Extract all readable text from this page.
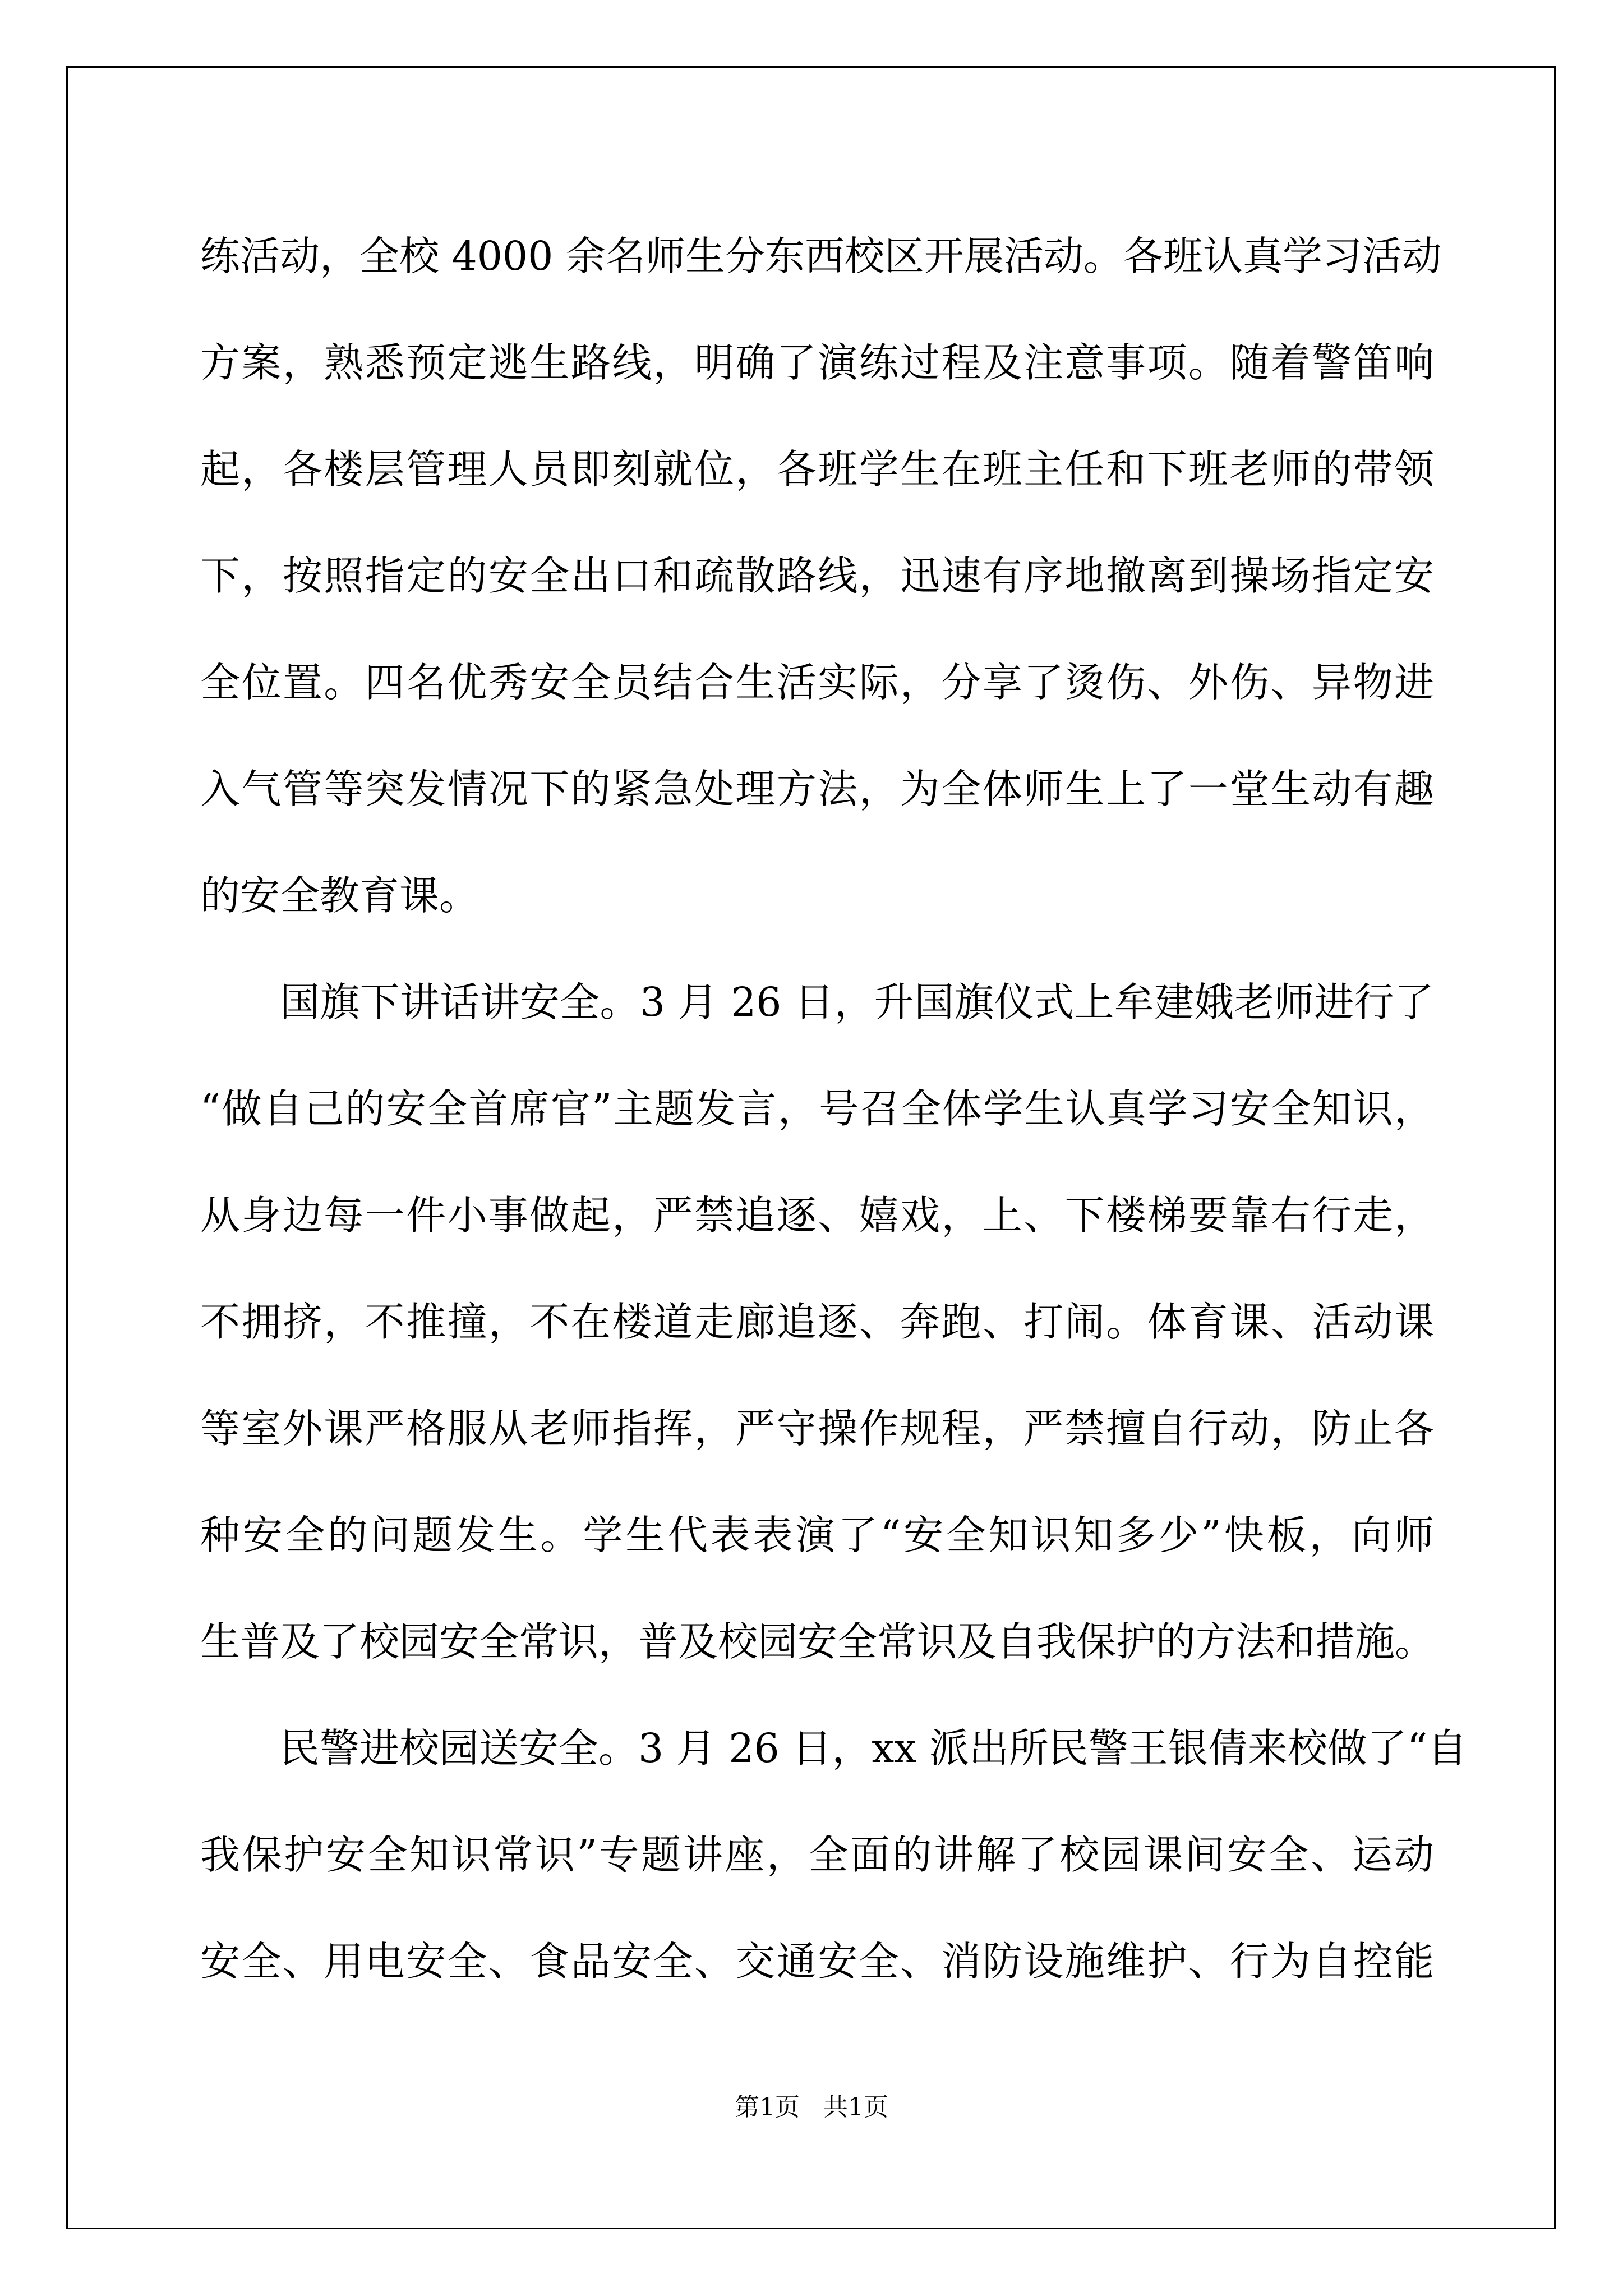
练活动，全校 4000 余名师生分东西校区开展活动。各班认真学习活动
方案，熟悉预定逃生路线，明确了演练过程及注意事项。随着警笛响
起，各楼层管理人员即刻就位，各班学生在班主任和下班老师的带领
下，按照指定的安全出口和疏散路线，迅速有序地撤离到操场指定安
全位置。四名优秀安全员结合生活实际，分享了烫伤、外伤、异物进
入气管等突发情况下的紧急处理方法，为全体师生上了一堂生动有趣
的安全教育课。
国旗下讲话讲安全。3 月 26 日，升国旗仪式上牟建娥老师进行了
“做自己的安全首席官”主题发言，号召全体学生认真学习安全知识，
从身边每一件小事做起，严禁追逐、嬉戏，上、下楼梯要靠右行走，
不拥挤，不推撞，不在楼道走廊追逐、奔跑、打闹。体育课、活动课
等室外课严格服从老师指挥，严守操作规程，严禁擅自行动，防止各
种安全的问题发生。学生代表表演了“安全知识知多少”快板，向师
生普及了校园安全常识，普及校园安全常识及自我保护的方法和措施。
民警进校园送安全。3 月 26 日，xx 派出所民警王银倩来校做了“自
我保护安全知识常识”专题讲座，全面的讲解了校园课间安全、运动
安全、用电安全、食品安全、交通安全、消防设施维护、行为自控能
第1页   共1页
